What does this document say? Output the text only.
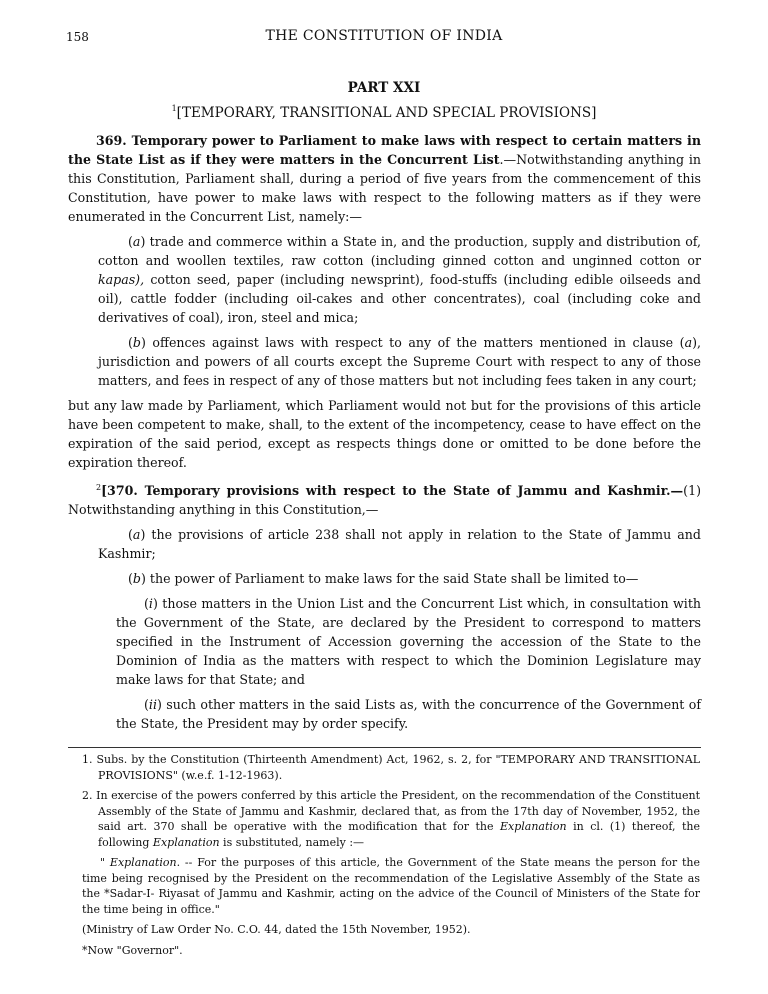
158	THE CONSTITUTION OF INDIA
PART XXI
$^1$[TEMPORARY, TRANSITIONAL AND SPECIAL PROVISIONS]

369. Temporary power to Parliament to make laws with respect to certain matters in the State List as if they were matters in the Concurrent List.—Notwithstanding anything in this Constitution, Parliament shall, during a period of five years from the commencement of this Constitution, have power to make laws with respect to the following matters as if they were enumerated in the Concurrent List, namely:—

(a) trade and commerce within a State in, and the production, supply and distribution of, cotton and woollen textiles, raw cotton (including ginned cotton and unginned cotton or kapas), cotton seed, paper (including newsprint), food-stuffs (including edible oilseeds and oil), cattle fodder (including oil-cakes and other concentrates), coal (including coke and derivatives of coal), iron, steel and mica;

(b) offences against laws with respect to any of the matters mentioned in clause (a), jurisdiction and powers of all courts except the Supreme Court with respect to any of those matters, and fees in respect of any of those matters but not including fees taken in any court;

but any law made by Parliament, which Parliament would not but for the provisions of this article have been competent to make, shall, to the extent of the incompetency, cease to have effect on the expiration of the said period, except as respects things done or omitted to be done before the expiration thereof.

$^2$[370. Temporary provisions with respect to the State of Jammu and Kashmir.—(1) Notwithstanding anything in this Constitution,—

(a) the provisions of article 238 shall not apply in relation to the State of Jammu and Kashmir;

(b) the power of Parliament to make laws for the said State shall be limited to—

(i) those matters in the Union List and the Concurrent List which, in consultation with the Government of the State, are declared by the President to correspond to matters specified in the Instrument of Accession governing the accession of the State to the Dominion of India as the matters with respect to which the Dominion Legislature may make laws for that State; and

(ii) such other matters in the said Lists as, with the concurrence of the Government of the State, the President may by order specify.

1. Subs. by the Constitution (Thirteenth Amendment) Act, 1962, s. 2, for "TEMPORARY AND TRANSITIONAL PROVISIONS" (w.e.f. 1-12-1963).

2. In exercise of the powers conferred by this article the President, on the recommendation of the Constituent Assembly of the State of Jammu and Kashmir, declared that, as from the 17th day of November, 1952, the said art. 370 shall be operative with the modification that for the Explanation in cl. (1) thereof, the following Explanation is substituted, namely :—

" Explanation. -- For the purposes of this article, the Government of the State means the person for the time being recognised by the President on the recommendation of the Legislative Assembly of the State as the *Sadar-I- Riyasat of Jammu and Kashmir, acting on the advice of the Council of Ministers of the State for the time being in office."

(Ministry of Law Order No. C.O. 44, dated the 15th November, 1952).

*Now "Governor".
